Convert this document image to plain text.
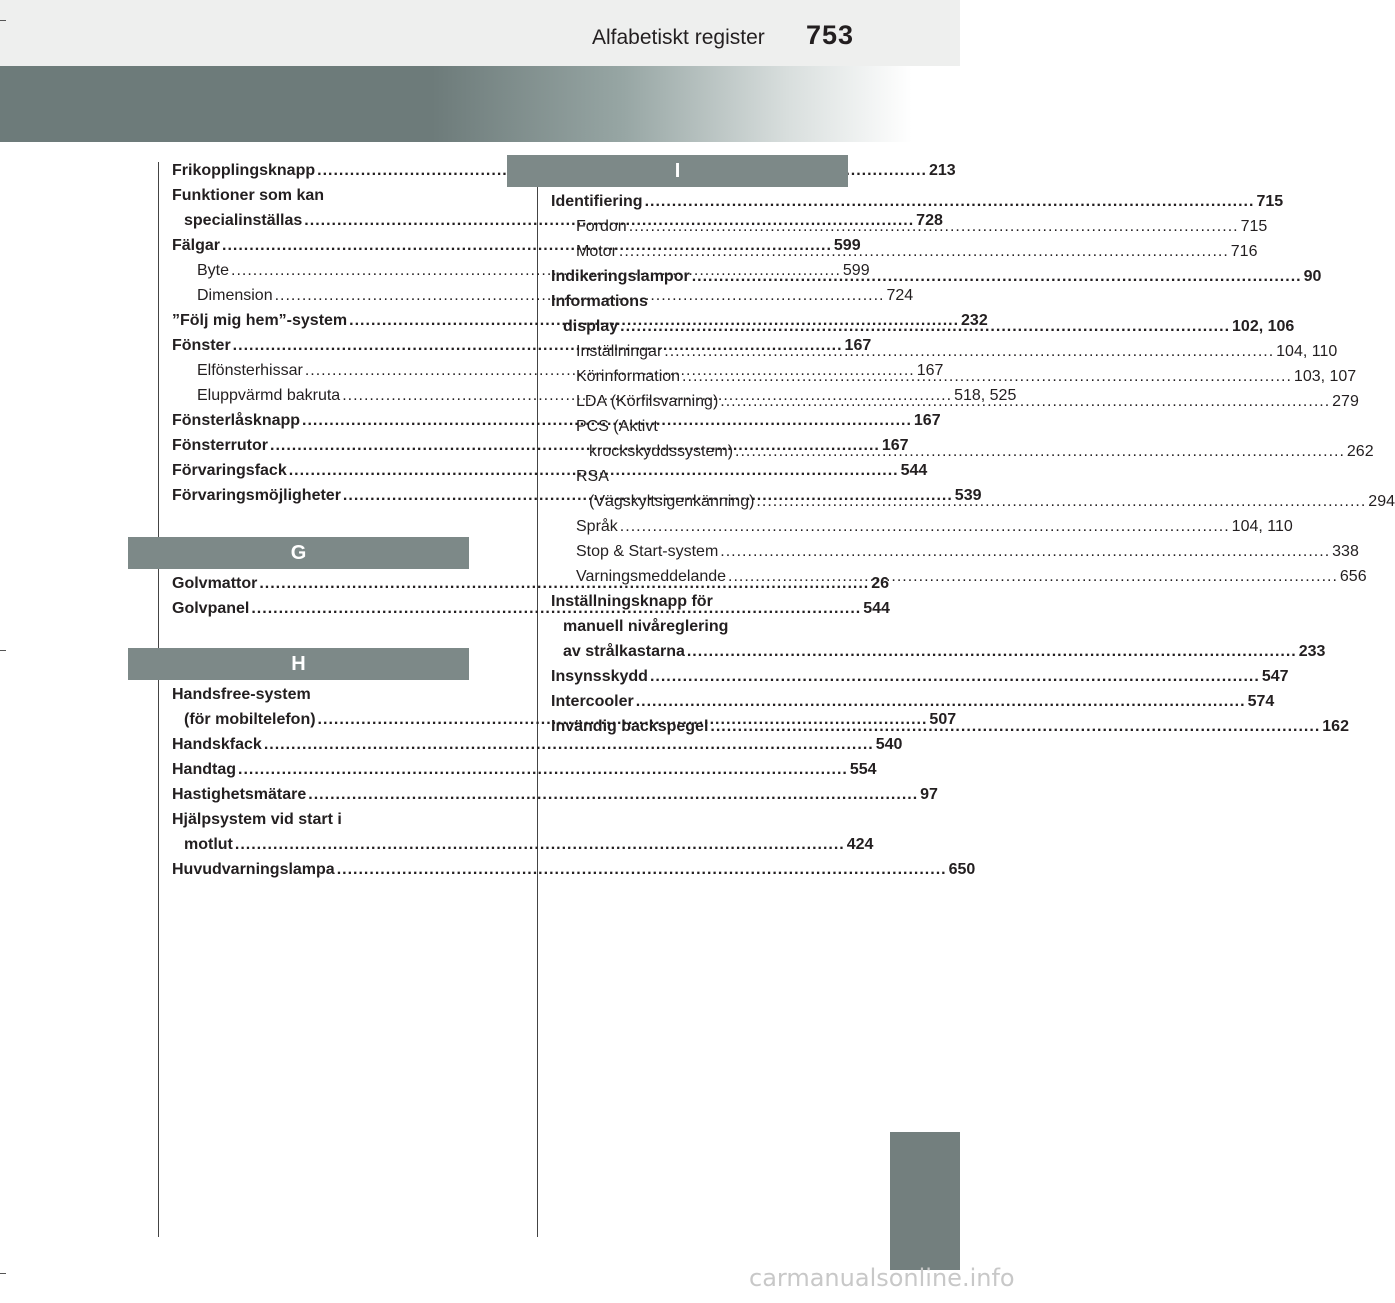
Alfabetiskt register 753
Frikopplingsknapp .....	213
Funktioner som kan
specialinställas .....	728
Fälgar .....	599
Byte .....	599
Dimension .....	724
”Följ mig hem”-system .....	232
Fönster .....	167
Elfönsterhissar .....	167
Eluppvärmd bakruta .....	518, 525
Fönsterlåsknapp .....	167
Fönsterrutor .....	167
Förvaringsfack .....	544
Förvaringsmöjligheter .....	539
G
Golvmattor .....	26
Golvpanel .....	544
H
Handsfree-system
(för mobiltelefon) .....	507
Handskfack .....	540
Handtag .....	554
Hastighetsmätare .....	97
Hjälpsystem vid start i
motlut .....	424
Huvudvarningslampa .....	650
I
Identifiering .....	715
Fordon .....	715
Motor .....	716
Indikeringslampor .....	90
Informations
display .....	102, 106
Inställningar .....	104, 110
Körinformation .....	103, 107
LDA (Körfilsvarning) .....	279
PCS (Aktivt
krockskyddssystem) .....	262
RSA
(Vägskyltsigenkänning) .....	294
Språk .....	104, 110
Stop & Start-system .....	338
Varningsmeddelande .....	656
Inställningsknapp för
manuell nivåreglering
av strålkastarna .....	233
Insynsskydd .....	547
Intercooler .....	574
Invändig backspegel .....	162
carmanualsonline.info
